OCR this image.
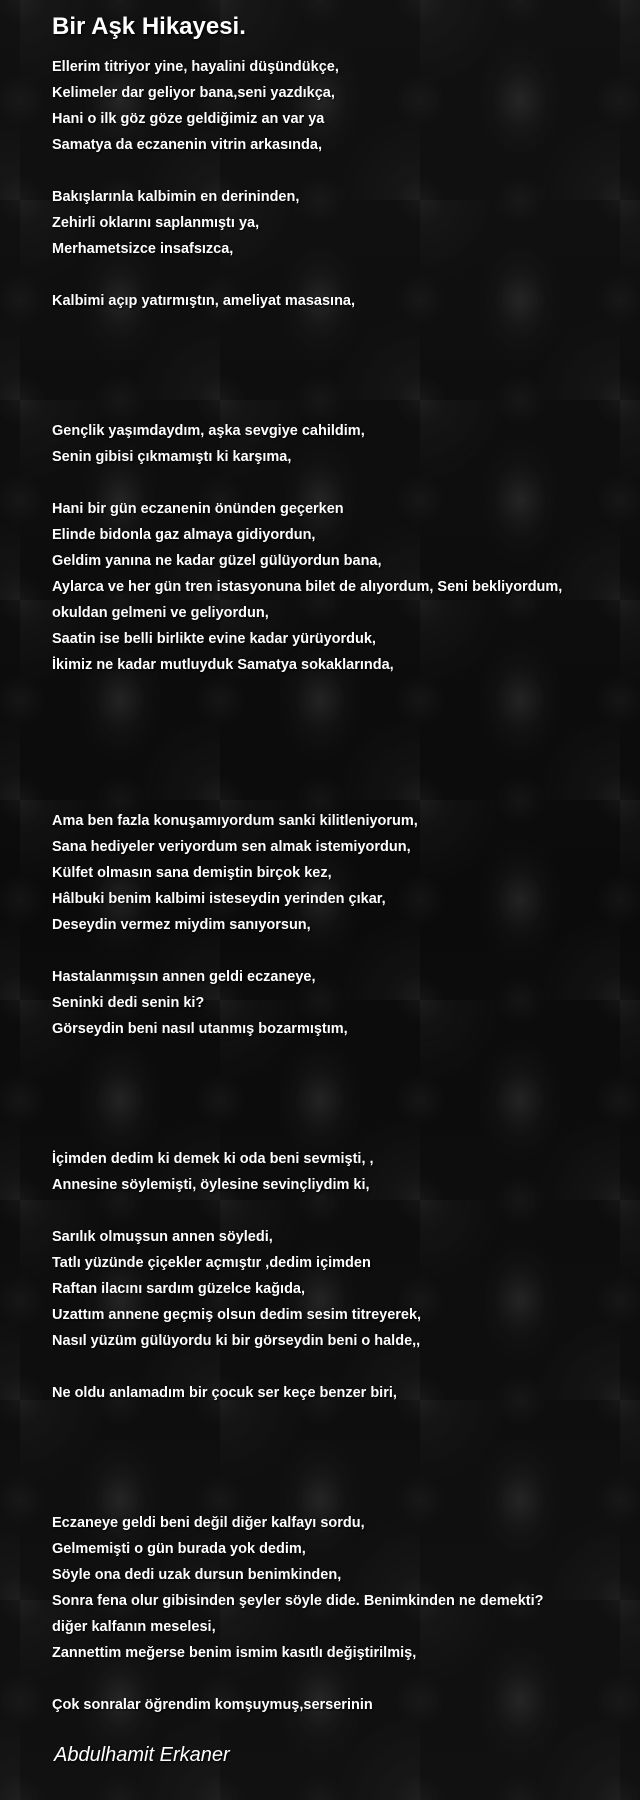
Bir Aşk Hikayesi.
Ellerim titriyor yine, hayalini düşündükçe,
Kelimeler dar geliyor bana,seni yazdıkça,
Hani o ilk göz göze geldiğimiz an var ya
Samatya da eczanenin vitrin arkasında,

Bakışlarınla kalbimin en derininden,
Zehirli oklarını saplanmıştı ya,
Merhametsizce insafsızca,

Kalbimi açıp yatırmıştın, ameliyat masasına,

Gençlik yaşımdaydım, aşka sevgiye cahildim,
Senin gibisi çıkmamıştı ki karşıma,

Hani bir gün eczanenin önünden geçerken
Elinde bidonla gaz almaya gidiyordun,
Geldim yanına ne kadar güzel gülüyordun bana,
Aylarca ve her gün tren istasyonuna bilet de alıyordum, Seni bekliyordum,
okuldan gelmeni ve geliyordun,
Saatin ise belli birlikte evine kadar yürüyorduk,
İkimiz ne kadar mutluyduk Samatya sokaklarında,

Ama ben fazla konuşamıyordum sanki kilitleniyorum,
Sana hediyeler veriyordum sen almak istemiyordun,
Külfet olmasın sana demiştin birçok kez,
Hâlbuki benim kalbimi isteseydin yerinden çıkar,
Deseydin vermez miydim sanıyorsun,

Hastalanmışsın annen geldi eczaneye,
Seninki dedi senin ki?
Görseydin beni nasıl utanmış bozarmıştım,

İçimden dedim ki demek ki oda beni sevmişti, ,
Annesine söylemişti, öylesine sevinçliydim ki,

Sarılık olmuşsun annen söyledi,
Tatlı yüzünde çiçekler açmıştır ,dedim içimden
Raftan ilacını sardım güzelce kağıda,
Uzattım annene geçmiş olsun dedim sesim titreyerek,
Nasıl yüzüm gülüyordu ki bir görseydin beni o halde,,

Ne oldu anlamadım bir çocuk ser keçe benzer biri,

Eczaneye geldi beni değil diğer kalfayı sordu,
Gelmemişti o gün burada yok dedim,
Söyle ona dedi uzak dursun benimkinden,
Sonra fena olur gibisinden şeyler söyle dide. Benimkinden ne demekti?
diğer kalfanın meselesi,
Zannettim meğerse benim ismim kasıtlı değiştirilmiş,

Çok sonralar öğrendim komşuymuş,serserinin
Abdulhamit Erkaner
